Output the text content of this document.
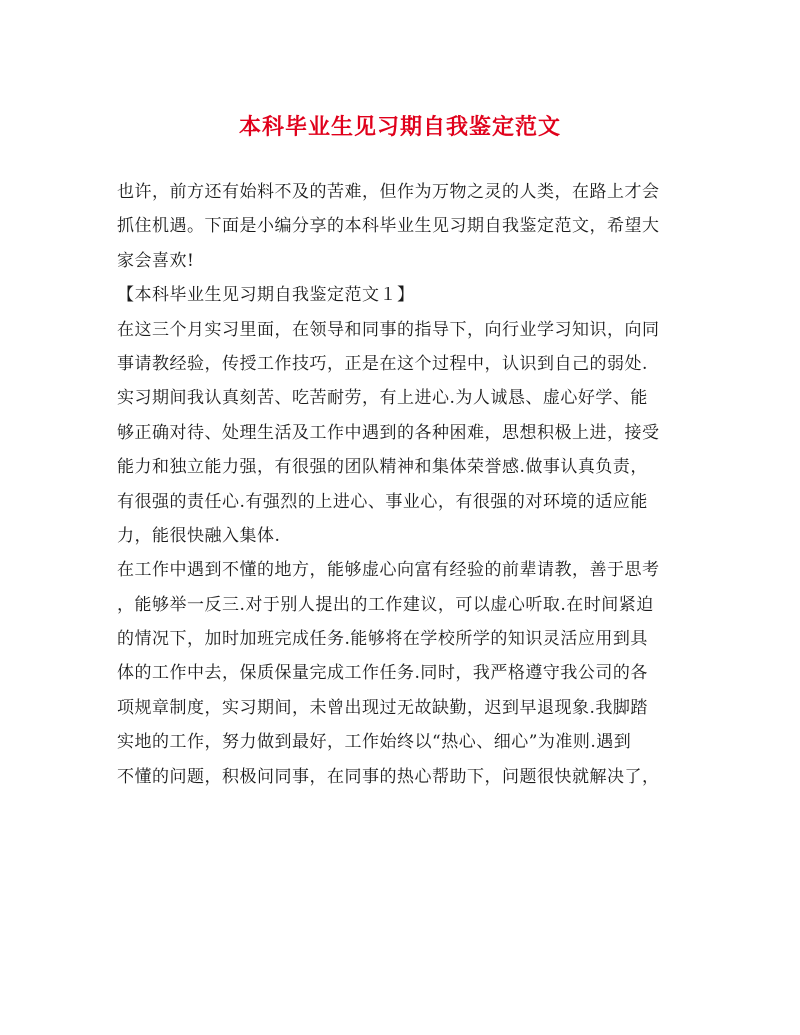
本科毕业生见习期自我鉴定范文
也许，前方还有始料不及的苦难，但作为万物之灵的人类，在路上才会
抓住机遇。下面是小编分享的本科毕业生见习期自我鉴定范文，希望大
家会喜欢!
【本科毕业生见习期自我鉴定范文１】
在这三个月实习里面，在领导和同事的指导下，向行业学习知识，向同
事请教经验，传授工作技巧，正是在这个过程中，认识到自己的弱处.
实习期间我认真刻苦、吃苦耐劳，有上进心.为人诚恳、虚心好学、能
够正确对待、处理生活及工作中遇到的各种困难，思想积极上进，接受
能力和独立能力强，有很强的团队精神和集体荣誉感.做事认真负责，
有很强的责任心.有强烈的上进心、事业心，有很强的对环境的适应能
力，能很快融入集体.
在工作中遇到不懂的地方，能够虚心向富有经验的前辈请教，善于思考
，能够举一反三.对于别人提出的工作建议，可以虚心听取.在时间紧迫
的情况下，加时加班完成任务.能够将在学校所学的知识灵活应用到具
体的工作中去，保质保量完成工作任务.同时，我严格遵守我公司的各
项规章制度，实习期间，未曾出现过无故缺勤，迟到早退现象.我脚踏
实地的工作，努力做到最好，工作始终以“热心、细心”为准则.遇到
不懂的问题，积极问同事，在同事的热心帮助下，问题很快就解决了，
